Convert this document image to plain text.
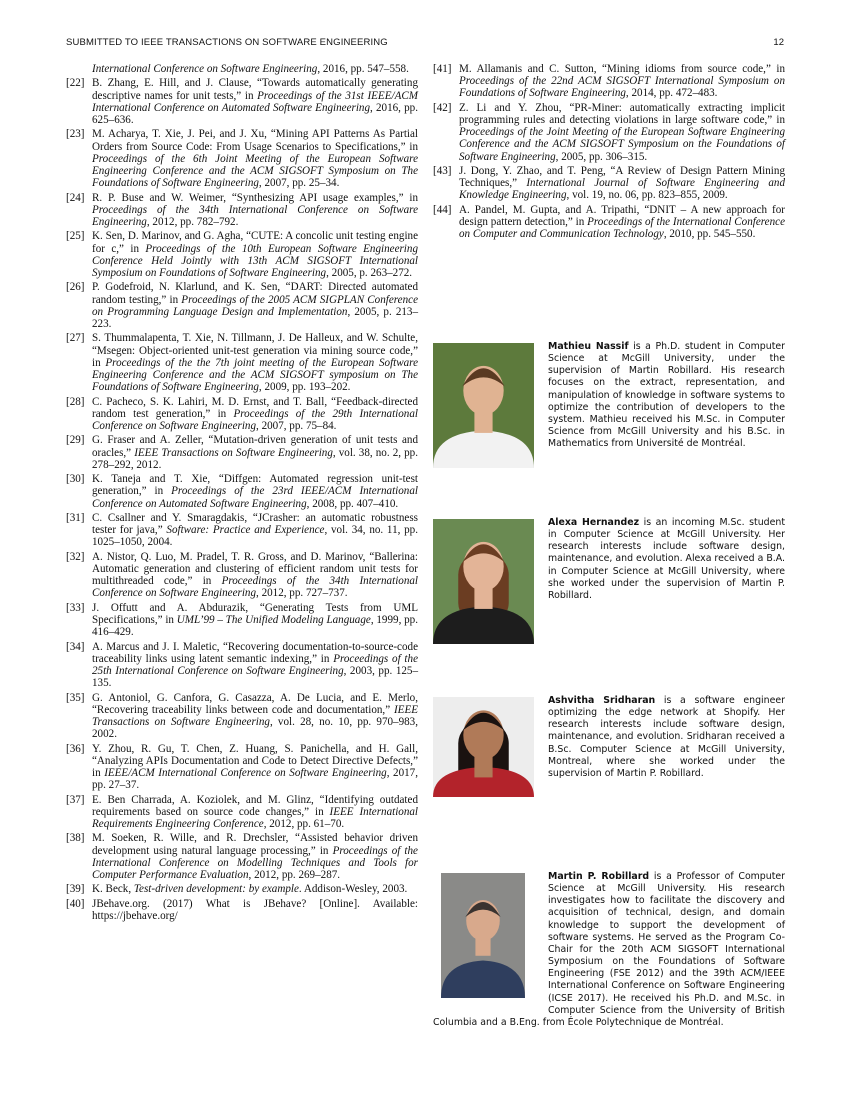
SUBMITTED TO IEEE TRANSACTIONS ON SOFTWARE ENGINEERING	12
International Conference on Software Engineering, 2016, pp. 547–558.
[22] B. Zhang, E. Hill, and J. Clause, “Towards automatically generating descriptive names for unit tests,” in Proceedings of the 31st IEEE/ACM International Conference on Automated Software Engineering, 2016, pp. 625–636.
[23] M. Acharya, T. Xie, J. Pei, and J. Xu, “Mining API Patterns As Partial Orders from Source Code: From Usage Scenarios to Specifications,” in Proceedings of the 6th Joint Meeting of the European Software Engineering Conference and the ACM SIGSOFT Symposium on The Foundations of Software Engineering, 2007, pp. 25–34.
[24] R. P. Buse and W. Weimer, “Synthesizing API usage examples,” in Proceedings of the 34th International Conference on Software Engineering, 2012, pp. 782–792.
[25] K. Sen, D. Marinov, and G. Agha, “CUTE: A concolic unit testing engine for c,” in Proceedings of the 10th European Software Engineering Conference Held Jointly with 13th ACM SIGSOFT International Symposium on Foundations of Software Engineering, 2005, p. 263–272.
[26] P. Godefroid, N. Klarlund, and K. Sen, “DART: Directed automated random testing,” in Proceedings of the 2005 ACM SIGPLAN Conference on Programming Language Design and Implementation, 2005, p. 213–223.
[27] S. Thummalapenta, T. Xie, N. Tillmann, J. De Halleux, and W. Schulte, “Msegen: Object-oriented unit-test generation via mining source code,” in Proceedings of the the 7th joint meeting of the European Software Engineering Conference and the ACM SIGSOFT symposium on The Foundations of Software Engineering, 2009, pp. 193–202.
[28] C. Pacheco, S. K. Lahiri, M. D. Ernst, and T. Ball, “Feedback-directed random test generation,” in Proceedings of the 29th International Conference on Software Engineering, 2007, pp. 75–84.
[29] G. Fraser and A. Zeller, “Mutation-driven generation of unit tests and oracles,” IEEE Transactions on Software Engineering, vol. 38, no. 2, pp. 278–292, 2012.
[30] K. Taneja and T. Xie, “Diffgen: Automated regression unit-test generation,” in Proceedings of the 23rd IEEE/ACM International Conference on Automated Software Engineering, 2008, pp. 407–410.
[31] C. Csallner and Y. Smaragdakis, “JCrasher: an automatic robustness tester for java,” Software: Practice and Experience, vol. 34, no. 11, pp. 1025–1050, 2004.
[32] A. Nistor, Q. Luo, M. Pradel, T. R. Gross, and D. Marinov, “Ballerina: Automatic generation and clustering of efficient random unit tests for multithreaded code,” in Proceedings of the 34th International Conference on Software Engineering, 2012, pp. 727–737.
[33] J. Offutt and A. Abdurazik, “Generating Tests from UML Specifications,” in UML’99 – The Unified Modeling Language, 1999, pp. 416–429.
[34] A. Marcus and J. I. Maletic, “Recovering documentation-to-source-code traceability links using latent semantic indexing,” in Proceedings of the 25th International Conference on Software Engineering, 2003, pp. 125–135.
[35] G. Antoniol, G. Canfora, G. Casazza, A. De Lucia, and E. Merlo, “Recovering traceability links between code and documentation,” IEEE Transactions on Software Engineering, vol. 28, no. 10, pp. 970–983, 2002.
[36] Y. Zhou, R. Gu, T. Chen, Z. Huang, S. Panichella, and H. Gall, “Analyzing APIs Documentation and Code to Detect Directive Defects,” in IEEE/ACM International Conference on Software Engineering, 2017, pp. 27–37.
[37] E. Ben Charrada, A. Koziolek, and M. Glinz, “Identifying outdated requirements based on source code changes,” in IEEE International Requirements Engineering Conference, 2012, pp. 61–70.
[38] M. Soeken, R. Wille, and R. Drechsler, “Assisted behavior driven development using natural language processing,” in Proceedings of the International Conference on Modelling Techniques and Tools for Computer Performance Evaluation, 2012, pp. 269–287.
[39] K. Beck, Test-driven development: by example. Addison-Wesley, 2003.
[40] JBehave.org. (2017) What is JBehave? [Online]. Available: https://jbehave.org/
[41] M. Allamanis and C. Sutton, “Mining idioms from source code,” in Proceedings of the 22nd ACM SIGSOFT International Symposium on Foundations of Software Engineering, 2014, pp. 472–483.
[42] Z. Li and Y. Zhou, “PR-Miner: automatically extracting implicit programming rules and detecting violations in large software code,” in Proceedings of the Joint Meeting of the European Software Engineering Conference and the ACM SIGSOFT Symposium on the Foundations of Software Engineering, 2005, pp. 306–315.
[43] J. Dong, Y. Zhao, and T. Peng, “A Review of Design Pattern Mining Techniques,” International Journal of Software Engineering and Knowledge Engineering, vol. 19, no. 06, pp. 823–855, 2009.
[44] A. Pandel, M. Gupta, and A. Tripathi, “DNIT – A new approach for design pattern detection,” in Proceedings of the International Conference on Computer and Communication Technology, 2010, pp. 545–550.
Mathieu Nassif is a Ph.D. student in Computer Science at McGill University, under the supervision of Martin Robillard. His research focuses on the extract, representation, and manipulation of knowledge in software systems to optimize the contribution of developers to the system. Mathieu received his M.Sc. in Computer Science from McGill University and his B.Sc. in Mathematics from Université de Montréal.
Alexa Hernandez is an incoming M.Sc. student in Computer Science at McGill University. Her research interests include software design, maintenance, and evolution. Alexa received a B.A. in Computer Science at McGill University, where she worked under the supervision of Martin P. Robillard.
Ashvitha Sridharan is a software engineer optimizing the edge network at Shopify. Her research interests include software design, maintenance, and evolution. Sridharan received a B.Sc. Computer Science at McGill University, Montreal, where she worked under the supervision of Martin P. Robillard.
Martin P. Robillard is a Professor of Computer Science at McGill University. His research investigates how to facilitate the discovery and acquisition of technical, design, and domain knowledge to support the development of software systems. He served as the Program Co-Chair for the 20th ACM SIGSOFT International Symposium on the Foundations of Software Engineering (FSE 2012) and the 39th ACM/IEEE International Conference on Software Engineering (ICSE 2017). He received his Ph.D. and M.Sc. in Computer Science from the University of British Columbia and a B.Eng. from École Polytechnique de Montréal.
